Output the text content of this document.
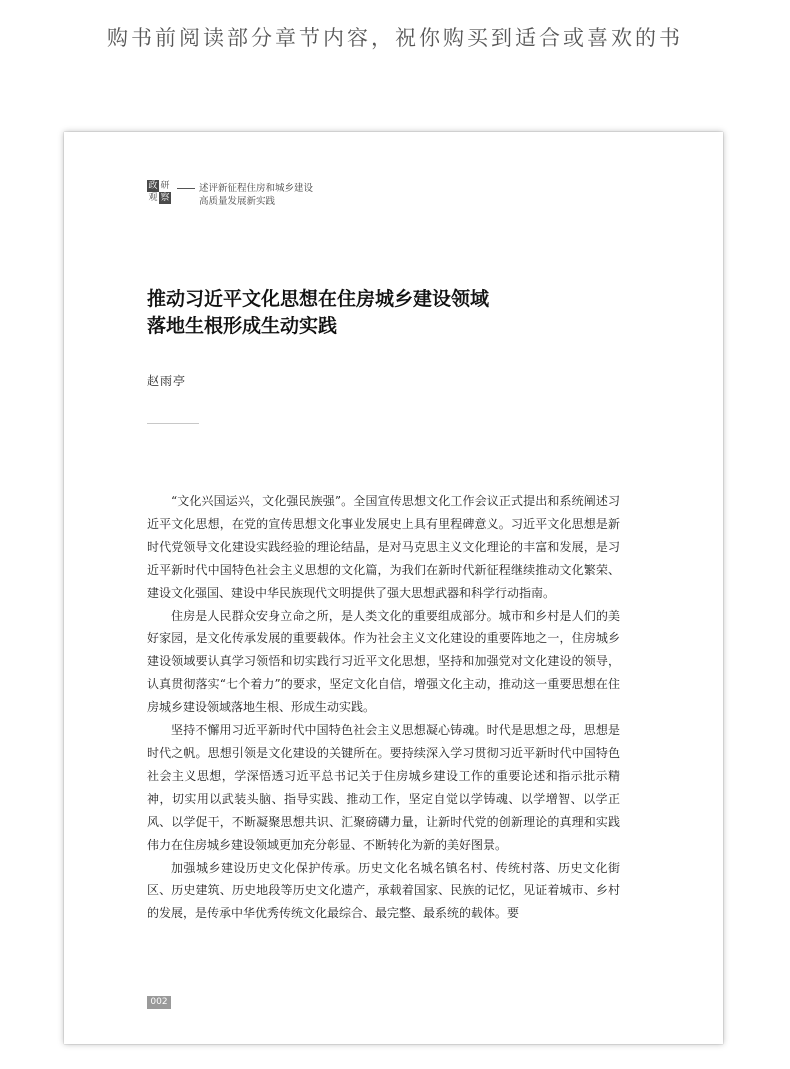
购书前阅读部分章节内容，祝你购买到适合或喜欢的书
政 研
观 察
述评新征程住房和城乡建设
高质量发展新实践
推动习近平文化思想在住房城乡建设领域
落地生根形成生动实践
赵雨亭

“文化兴国运兴，文化强民族强”。全国宣传思想文化工作会议正式提出和系统阐述习近平文化思想，在党的宣传思想文化事业发展史上具有里程碑意义。习近平文化思想是新时代党领导文化建设实践经验的理论结晶，是对马克思主义文化理论的丰富和发展，是习近平新时代中国特色社会主义思想的文化篇，为我们在新时代新征程继续推动文化繁荣、建设文化强国、建设中华民族现代文明提供了强大思想武器和科学行动指南。

住房是人民群众安身立命之所，是人类文化的重要组成部分。城市和乡村是人们的美好家园，是文化传承发展的重要载体。作为社会主义文化建设的重要阵地之一，住房城乡建设领域要认真学习领悟和切实践行习近平文化思想，坚持和加强党对文化建设的领导，认真贯彻落实“七个着力”的要求，坚定文化自信，增强文化主动，推动这一重要思想在住房城乡建设领域落地生根、形成生动实践。

坚持不懈用习近平新时代中国特色社会主义思想凝心铸魂。时代是思想之母，思想是时代之帆。思想引领是文化建设的关键所在。要持续深入学习贯彻习近平新时代中国特色社会主义思想，学深悟透习近平总书记关于住房城乡建设工作的重要论述和指示批示精神，切实用以武装头脑、指导实践、推动工作，坚定自觉以学铸魂、以学增智、以学正风、以学促干，不断凝聚思想共识、汇聚磅礴力量，让新时代党的创新理论的真理和实践伟力在住房城乡建设领域更加充分彰显、不断转化为新的美好图景。

加强城乡建设历史文化保护传承。历史文化名城名镇名村、传统村落、历史文化街区、历史建筑、历史地段等历史文化遗产，承载着国家、民族的记忆，见证着城市、乡村的发展，是传承中华优秀传统文化最综合、最完整、最系统的载体。要

002
